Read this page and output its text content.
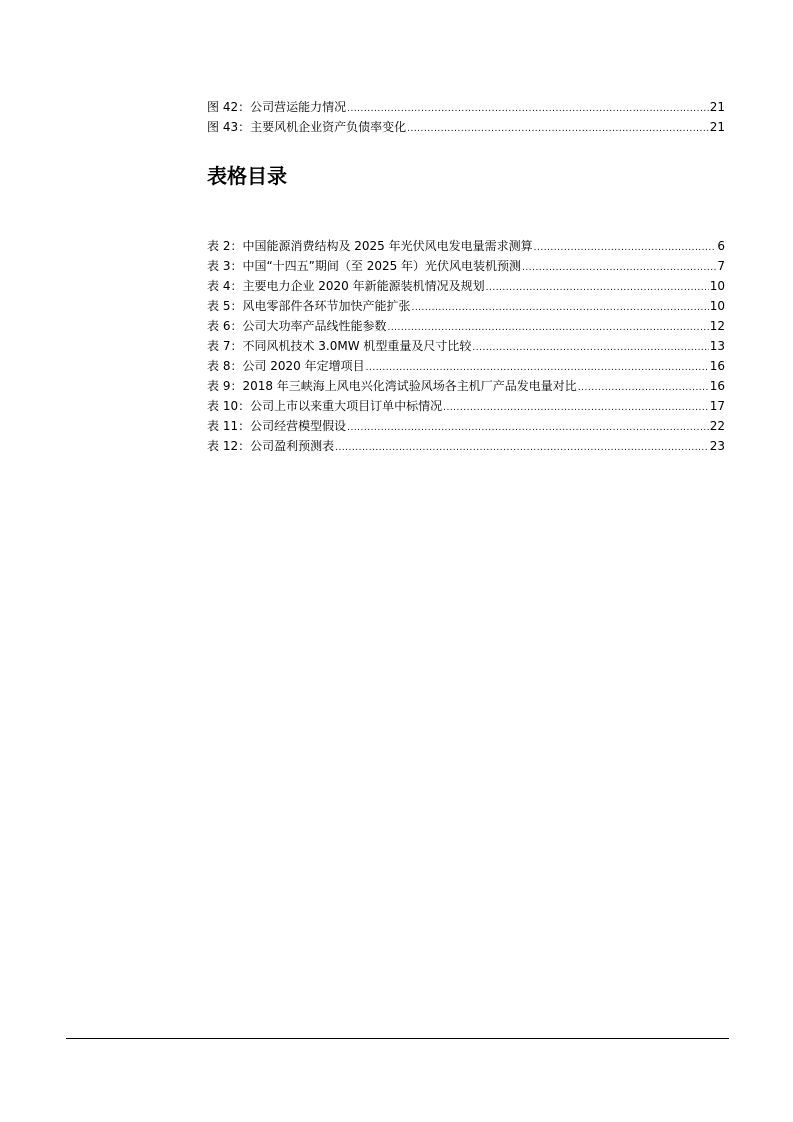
图 42：公司营运能力情况 .....	21
图 43：主要风机企业资产负债率变化 .....	21
表格目录
表 2：中国能源消费结构及 2025 年光伏风电发电量需求测算 .....	6
表 3：中国“十四五”期间（至 2025 年）光伏风电装机预测 .....	7
表 4：主要电力企业 2020 年新能源装机情况及规划 .....	10
表 5：风电零部件各环节加快产能扩张 .....	10
表 6：公司大功率产品线性能参数 .....	12
表 7：不同风机技术 3.0MW 机型重量及尺寸比较 .....	13
表 8：公司 2020 年定增项目 .....	16
表 9：2018 年三峡海上风电兴化湾试验风场各主机厂产品发电量对比 .....	16
表 10：公司上市以来重大项目订单中标情况 .....	17
表 11：公司经营模型假设 .....	22
表 12：公司盈利预测表 .....	23
